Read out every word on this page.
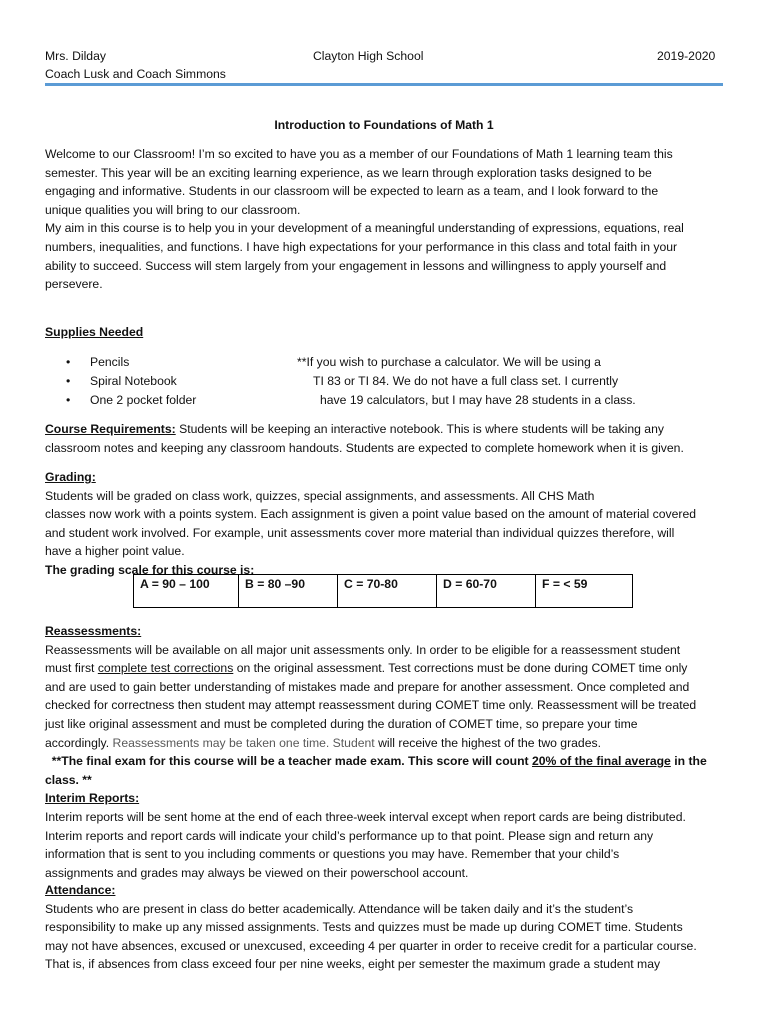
Mrs. Dilday
Coach Lusk and Coach Simmons
Clayton High School	2019-2020
Introduction to Foundations of Math 1
Welcome to our Classroom! I’m so excited to have you as a member of our Foundations of Math 1 learning team this
semester. This year will be an exciting learning experience, as we learn through exploration tasks designed to be
engaging and informative. Students in our classroom will be expected to learn as a team, and I look forward to the
unique qualities you will bring to our classroom.
My aim in this course is to help you in your development of a meaningful understanding of expressions, equations, real
numbers, inequalities, and functions. I have high expectations for your performance in this class and total faith in your
ability to succeed. Success will stem largely from your engagement in lessons and willingness to apply yourself and
persevere.
Supplies Needed
• Pencils
• Spiral Notebook
• One 2 pocket folder
**If you wish to purchase a calculator. We will be using a
TI 83 or TI 84. We do not have a full class set. I currently
have 19 calculators, but I may have 28 students in a class.
Course Requirements: Students will be keeping an interactive notebook. This is where students will be taking any
classroom notes and keeping any classroom handouts. Students are expected to complete homework when it is given.
Grading:
Students will be graded on class work, quizzes, special assignments, and assessments. All CHS Math
classes now work with a points system. Each assignment is given a point value based on the amount of material covered
and student work involved. For example, unit assessments cover more material than individual quizzes therefore, will
have a higher point value.
The grading scale for this course is:
A = 90 – 100	B = 80 –90	C = 70-80	D = 60-70	F = < 59
Reassessments:
Reassessments will be available on all major unit assessments only. In order to be eligible for a reassessment student
must first complete test corrections on the original assessment. Test corrections must be done during COMET time only
and are used to gain better understanding of mistakes made and prepare for another assessment. Once completed and
checked for correctness then student may attempt reassessment during COMET time only. Reassessment will be treated
just like original assessment and must be completed during the duration of COMET time, so prepare your time
accordingly. Reassessments may be taken one time. Student will receive the highest of the two grades.
**The final exam for this course will be a teacher made exam. This score will count 20% of the final average in the
class. **
Interim Reports:
Interim reports will be sent home at the end of each three-week interval except when report cards are being distributed.
Interim reports and report cards will indicate your child’s performance up to that point. Please sign and return any
information that is sent to you including comments or questions you may have. Remember that your child’s
assignments and grades may always be viewed on their powerschool account.
Attendance:
Students who are present in class do better academically. Attendance will be taken daily and it’s the student’s
responsibility to make up any missed assignments. Tests and quizzes must be made up during COMET time. Students
may not have absences, excused or unexcused, exceeding 4 per quarter in order to receive credit for a particular course.
That is, if absences from class exceed four per nine weeks, eight per semester the maximum grade a student may
